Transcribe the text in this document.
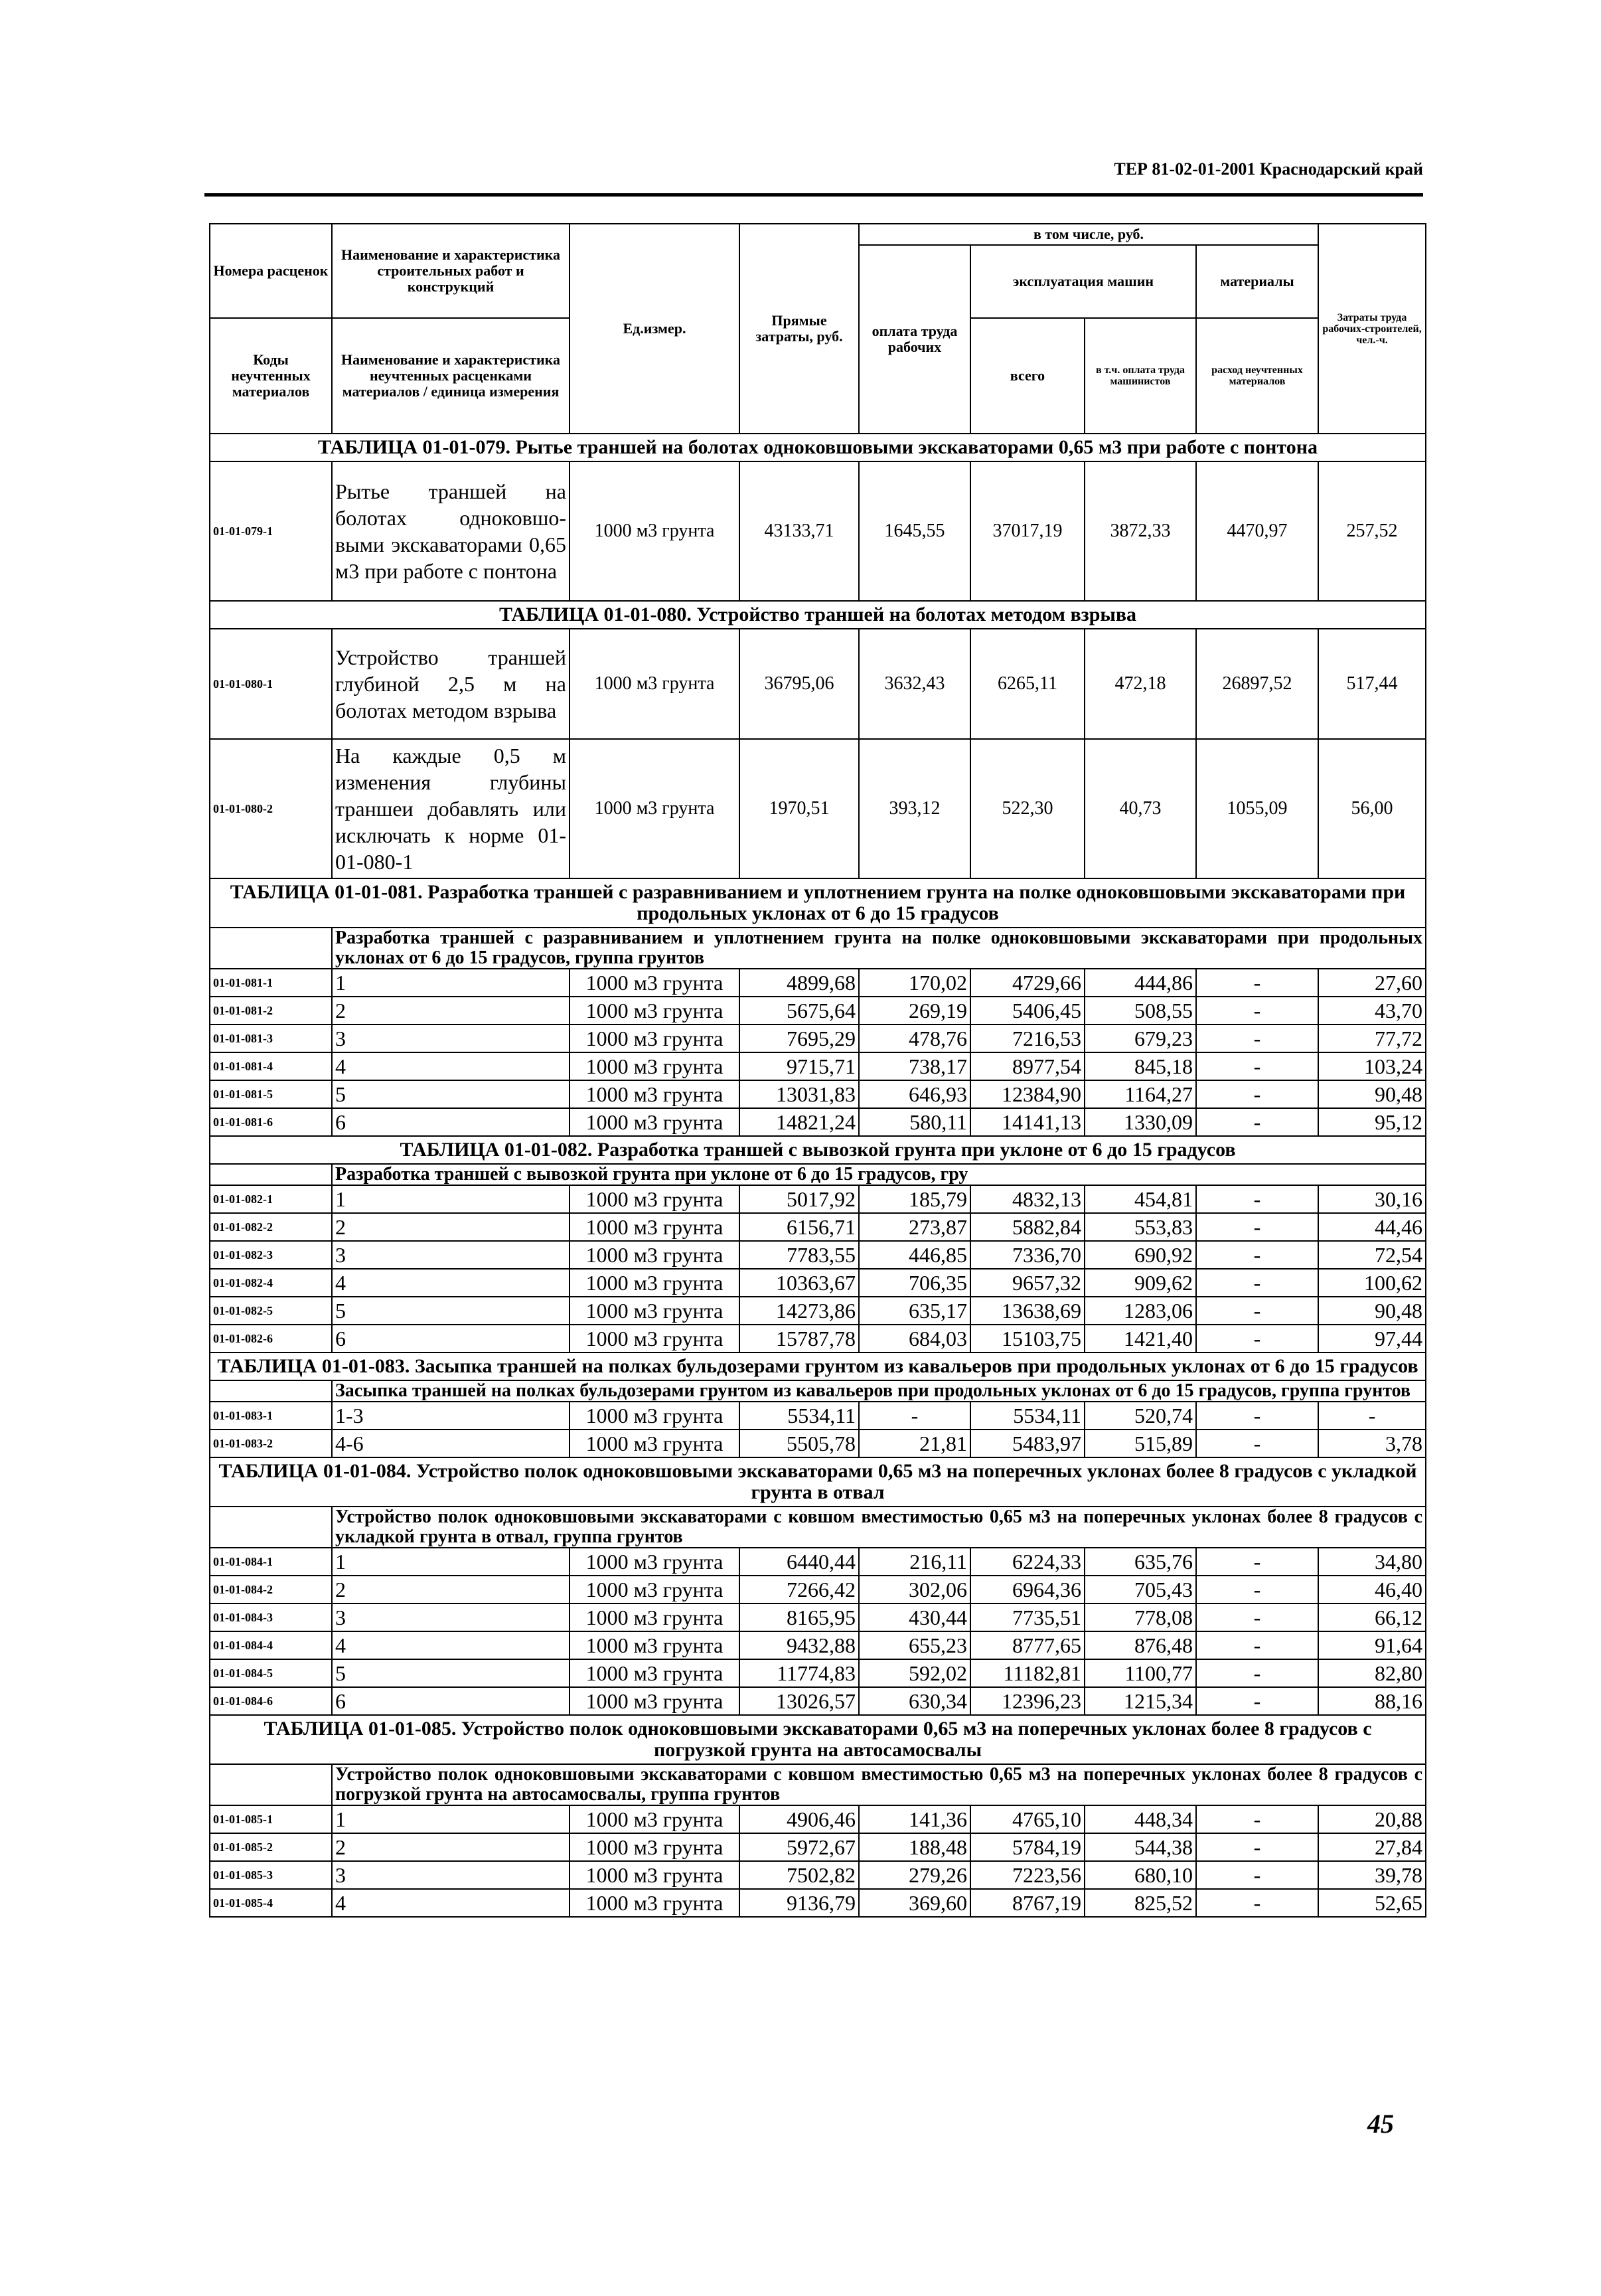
ТЕР 81-02-01-2001 Краснодарский край
Номера расценок	Наименование и характеристика строительных работ и конструкций	Ед.измер.	Прямые затраты, руб.	в том числе, руб.				Затраты труда рабочих-строителей, чел.-ч.
				оплата труда рабочих	эксплуатация машин		материалы	
Коды неучтенных материалов	Наименование и характеристика неучтенных расценками материалов / единица измерения				всего	в т.ч. оплата труда машинистов	расход неучтенных материалов	

ТАБЛИЦА 01-01-079. Рытье траншей на болотах одноковшовыми экскаваторами 0,65 м3 при работе с понтона								
01-01-079-1	Рытье траншей на болотах одноковшо-выми экскаваторами 0,65 м3 при работе с понтона	1000 м3 грунта	43133,71	1645,55	37017,19	3872,33	4470,97	257,52
ТАБЛИЦА 01-01-080. Устройство траншей на болотах методом взрыва								
01-01-080-1	Устройство траншей глубиной 2,5 м на болотах методом взрыва	1000 м3 грунта	36795,06	3632,43	6265,11	472,18	26897,52	517,44
01-01-080-2	На каждые 0,5 м изменения глубины траншеи добавлять или исключать к норме 01-01-080-1	1000 м3 грунта	1970,51	393,12	522,30	40,73	1055,09	56,00
ТАБЛИЦА 01-01-081. Разработка траншей с разравниванием и уплотнением грунта на полке одноковшовыми экскаваторами при продольных уклонах от 6 до 15 градусов								
	Разработка траншей с разравниванием и уплотнением грунта на полке одноковшовыми экскаваторами при продольных уклонах от 6 до 15 градусов, группа грунтов							
01-01-081-1	1	1000 м3 грунта	4899,68	170,02	4729,66	444,86	-	27,60
01-01-081-2	2	1000 м3 грунта	5675,64	269,19	5406,45	508,55	-	43,70
01-01-081-3	3	1000 м3 грунта	7695,29	478,76	7216,53	679,23	-	77,72
01-01-081-4	4	1000 м3 грунта	9715,71	738,17	8977,54	845,18	-	103,24
01-01-081-5	5	1000 м3 грунта	13031,83	646,93	12384,90	1164,27	-	90,48
01-01-081-6	6	1000 м3 грунта	14821,24	580,11	14141,13	1330,09	-	95,12
ТАБЛИЦА 01-01-082. Разработка траншей с вывозкой грунта при уклоне от 6 до 15 градусов								
	Разработка траншей с вывозкой грунта при уклоне от 6 до 15 градусов, гру							
01-01-082-1	1	1000 м3 грунта	5017,92	185,79	4832,13	454,81	-	30,16
01-01-082-2	2	1000 м3 грунта	6156,71	273,87	5882,84	553,83	-	44,46
01-01-082-3	3	1000 м3 грунта	7783,55	446,85	7336,70	690,92	-	72,54
01-01-082-4	4	1000 м3 грунта	10363,67	706,35	9657,32	909,62	-	100,62
01-01-082-5	5	1000 м3 грунта	14273,86	635,17	13638,69	1283,06	-	90,48
01-01-082-6	6	1000 м3 грунта	15787,78	684,03	15103,75	1421,40	-	97,44
ТАБЛИЦА 01-01-083. Засыпка траншей на полках бульдозерами грунтом из кавальеров при продольных уклонах от 6 до 15 градусов								
	Засыпка траншей на полках бульдозерами грунтом из кавальеров при продольных уклонах от 6 до 15 градусов, группа грунтов							
01-01-083-1	1-3	1000 м3 грунта	5534,11	-	5534,11	520,74	-	-
01-01-083-2	4-6	1000 м3 грунта	5505,78	21,81	5483,97	515,89	-	3,78
ТАБЛИЦА 01-01-084. Устройство полок одноковшовыми экскаваторами 0,65 м3 на поперечных уклонах более 8 градусов с укладкой грунта в отвал								
	Устройство полок одноковшовыми экскаваторами с ковшом вместимостью 0,65 м3 на поперечных уклонах более 8 градусов с укладкой грунта в отвал, группа грунтов							
01-01-084-1	1	1000 м3 грунта	6440,44	216,11	6224,33	635,76	-	34,80
01-01-084-2	2	1000 м3 грунта	7266,42	302,06	6964,36	705,43	-	46,40
01-01-084-3	3	1000 м3 грунта	8165,95	430,44	7735,51	778,08	-	66,12
01-01-084-4	4	1000 м3 грунта	9432,88	655,23	8777,65	876,48	-	91,64
01-01-084-5	5	1000 м3 грунта	11774,83	592,02	11182,81	1100,77	-	82,80
01-01-084-6	6	1000 м3 грунта	13026,57	630,34	12396,23	1215,34	-	88,16
ТАБЛИЦА 01-01-085. Устройство полок одноковшовыми экскаваторами 0,65 м3 на поперечных уклонах более 8 градусов с погрузкой грунта на автосамосвалы								
	Устройство полок одноковшовыми экскаваторами с ковшом вместимостью 0,65 м3 на поперечных уклонах более 8 градусов с погрузкой грунта на автосамосвалы, группа грунтов							
01-01-085-1	1	1000 м3 грунта	4906,46	141,36	4765,10	448,34	-	20,88
01-01-085-2	2	1000 м3 грунта	5972,67	188,48	5784,19	544,38	-	27,84
01-01-085-3	3	1000 м3 грунта	7502,82	279,26	7223,56	680,10	-	39,78
01-01-085-4	4	1000 м3 грунта	9136,79	369,60	8767,19	825,52	-	52,65
45
